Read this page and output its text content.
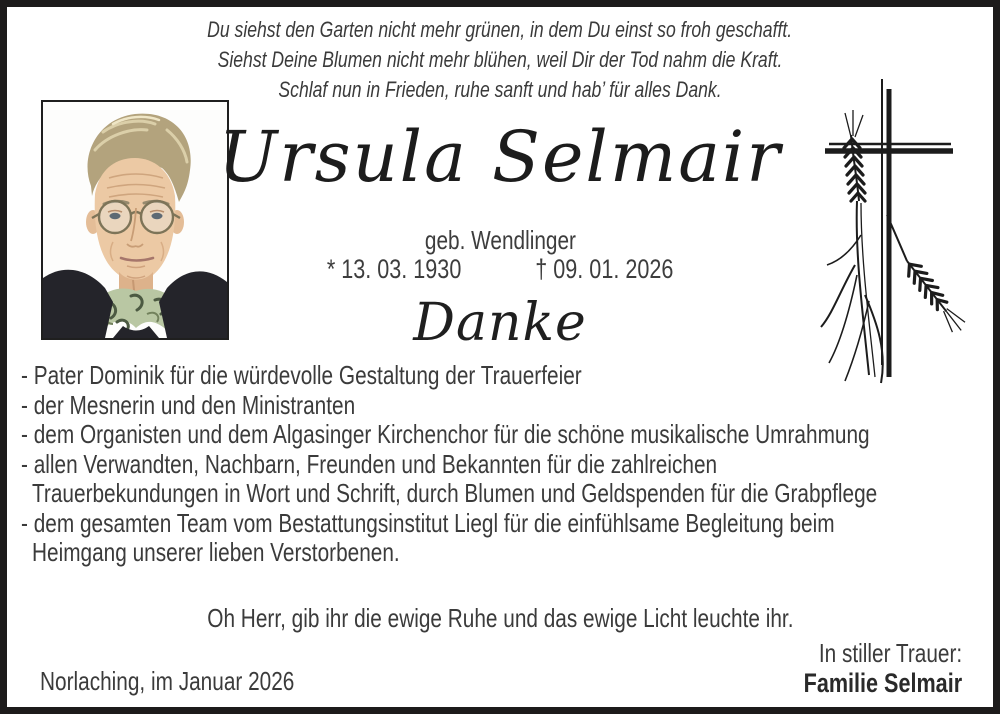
Du siehst den Garten nicht mehr grünen, in dem Du einst so froh geschafft.
Siehst Deine Blumen nicht mehr blühen, weil Dir der Tod nahm die Kraft.
Schlaf nun in Frieden, ruhe sanft und hab’ für alles Dank.
Ursula Selmair
geb. Wendlinger
* 13. 03. 1930	† 09. 01. 2026
Danke
- Pater Dominik für die würdevolle Gestaltung der Trauerfeier
- der Mesnerin und den Ministranten
- dem Organisten und dem Algasinger Kirchenchor für die schöne musikalische Umrahmung
- allen Verwandten, Nachbarn, Freunden und Bekannten für die zahlreichen
Trauerbekundungen in Wort und Schrift, durch Blumen und Geldspenden für die Grabpflege
- dem gesamten Team vom Bestattungsinstitut Liegl für die einfühlsame Begleitung beim
Heimgang unserer lieben Verstorbenen.
Oh Herr, gib ihr die ewige Ruhe und das ewige Licht leuchte ihr.
Norlaching, im Januar 2026
In stiller Trauer:
Familie Selmair
